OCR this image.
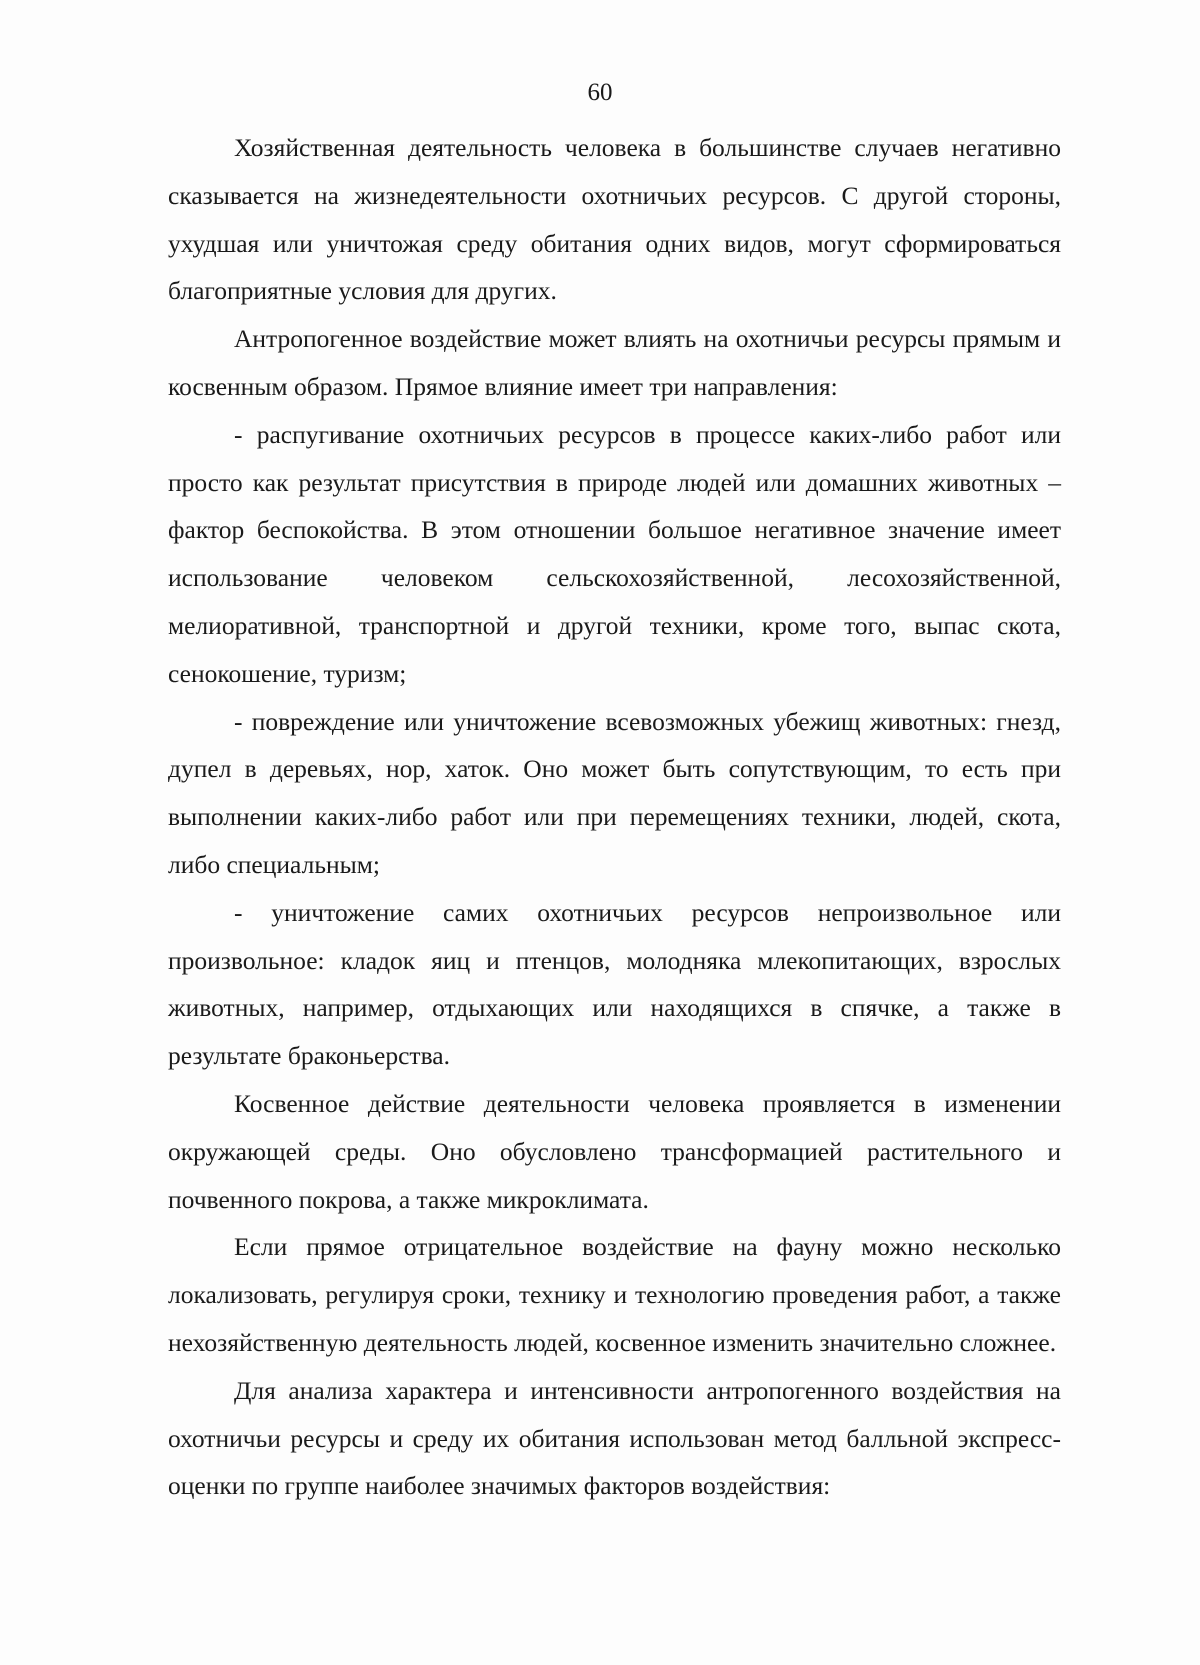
60

Хозяйственная деятельность человека в большинстве случаев негативно сказывается на жизнедеятельности охотничьих ресурсов. С другой стороны, ухудшая или уничтожая среду обитания одних видов, могут сформироваться благоприятные условия для других.

Антропогенное воздействие может влиять на охотничьи ресурсы прямым и косвенным образом. Прямое влияние имеет три направления:

- распугивание охотничьих ресурсов в процессе каких-либо работ или просто как результат присутствия в природе людей или домашних животных – фактор беспокойства. В этом отношении большое негативное значение имеет использование человеком сельскохозяйственной, лесохозяйственной, мелиоративной, транспортной и другой техники, кроме того, выпас скота, сенокошение, туризм;

- повреждение или уничтожение всевозможных убежищ животных: гнезд, дупел в деревьях, нор, хаток. Оно может быть сопутствующим, то есть при выполнении каких-либо работ или при перемещениях техники, людей, скота, либо специальным;

- уничтожение самих охотничьих ресурсов непроизвольное или произвольное: кладок яиц и птенцов, молодняка млекопитающих, взрослых животных, например, отдыхающих или находящихся в спячке, а также в результате браконьерства.

Косвенное действие деятельности человека проявляется в изменении окружающей среды. Оно обусловлено трансформацией растительного и почвенного покрова, а также микроклимата.

Если прямое отрицательное воздействие на фауну можно несколько локализовать, регулируя сроки, технику и технологию проведения работ, а также нехозяйственную деятельность людей, косвенное изменить значительно сложнее.

Для анализа характера и интенсивности антропогенного воздействия на охотничьи ресурсы и среду их обитания использован метод балльной экспресс-оценки по группе наиболее значимых факторов воздействия:
